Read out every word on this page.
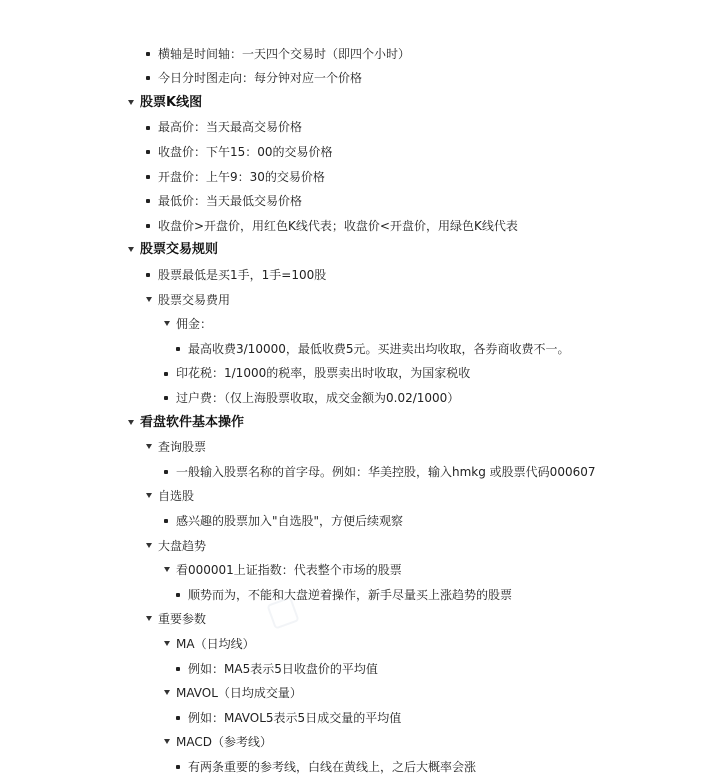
横轴是时间轴：一天四个交易时（即四个小时）
今日分时图走向：每分钟对应一个价格
股票K线图
最高价：当天最高交易价格
收盘价：下午15：00的交易价格
开盘价：上午9：30的交易价格
最低价：当天最低交易价格
收盘价>开盘价，用红色K线代表；收盘价<开盘价，用绿色K线代表
股票交易规则
股票最低是买1手，1手=100股
股票交易费用
佣金：
最高收费3/10000，最低收费5元。买进卖出均收取，各券商收费不一。
印花税：1/1000的税率，股票卖出时收取，为国家税收
过户费：（仅上海股票收取，成交金额为0.02/1000）
看盘软件基本操作
查询股票
一般输入股票名称的首字母。例如：华美控股，输入hmkg 或股票代码000607
自选股
感兴趣的股票加入"自选股"，方便后续观察
大盘趋势
看000001上证指数：代表整个市场的股票
顺势而为，不能和大盘逆着操作，新手尽量买上涨趋势的股票
重要参数
MA（日均线）
例如：MA5表示5日收盘价的平均值
MAVOL（日均成交量）
例如：MAVOL5表示5日成交量的平均值
MACD（参考线）
有两条重要的参考线，白线在黄线上，之后大概率会涨
